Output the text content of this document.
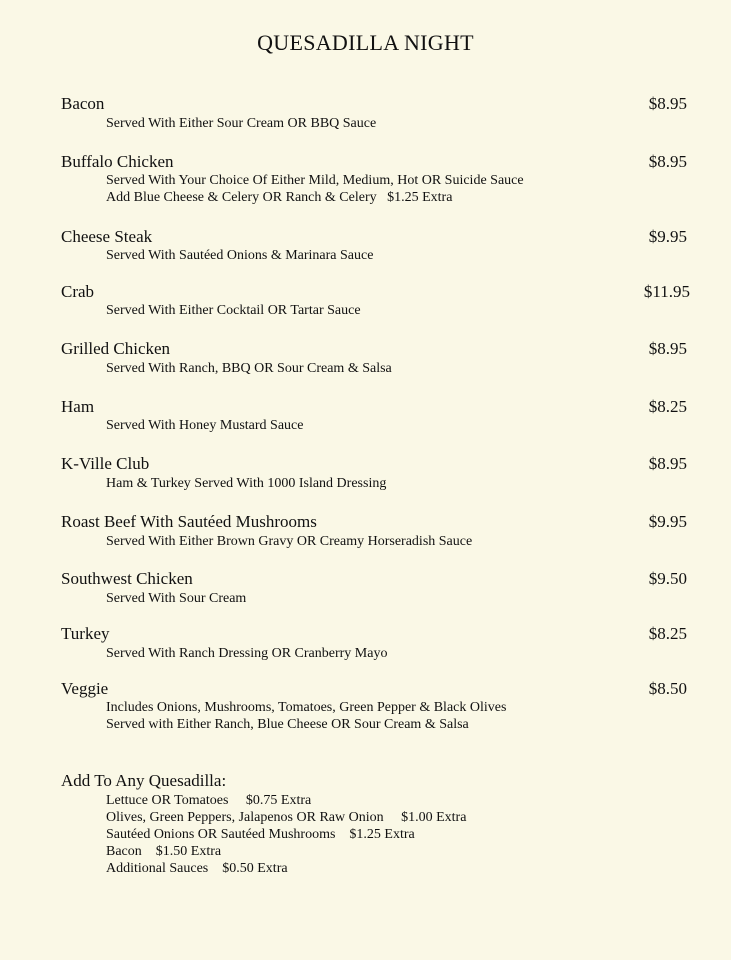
QUESADILLA NIGHT
Bacon	$8.95
Served With Either Sour Cream OR BBQ Sauce
Buffalo Chicken	$8.95
Served With Your Choice Of Either Mild, Medium, Hot OR Suicide Sauce
Add Blue Cheese & Celery OR Ranch & Celery   $1.25 Extra
Cheese Steak	$9.95
Served With Sautéed Onions & Marinara Sauce
Crab	$11.95
Served With Either Cocktail OR Tartar Sauce
Grilled Chicken	$8.95
Served With Ranch, BBQ OR Sour Cream & Salsa
Ham	$8.25
Served With Honey Mustard Sauce
K-Ville Club	$8.95
Ham & Turkey Served With 1000 Island Dressing
Roast Beef With Sautéed Mushrooms	$9.95
Served With Either Brown Gravy OR Creamy Horseradish Sauce
Southwest Chicken	$9.50
Served With Sour Cream
Turkey	$8.25
Served With Ranch Dressing OR Cranberry Mayo
Veggie	$8.50
Includes Onions, Mushrooms, Tomatoes, Green Pepper & Black Olives
Served with Either Ranch, Blue Cheese OR Sour Cream & Salsa
Add To Any Quesadilla:
Lettuce OR Tomatoes     $0.75 Extra
Olives, Green Peppers, Jalapenos OR Raw Onion     $1.00 Extra
Sautéed Onions OR Sautéed Mushrooms    $1.25 Extra
Bacon    $1.50 Extra
Additional Sauces    $0.50 Extra
